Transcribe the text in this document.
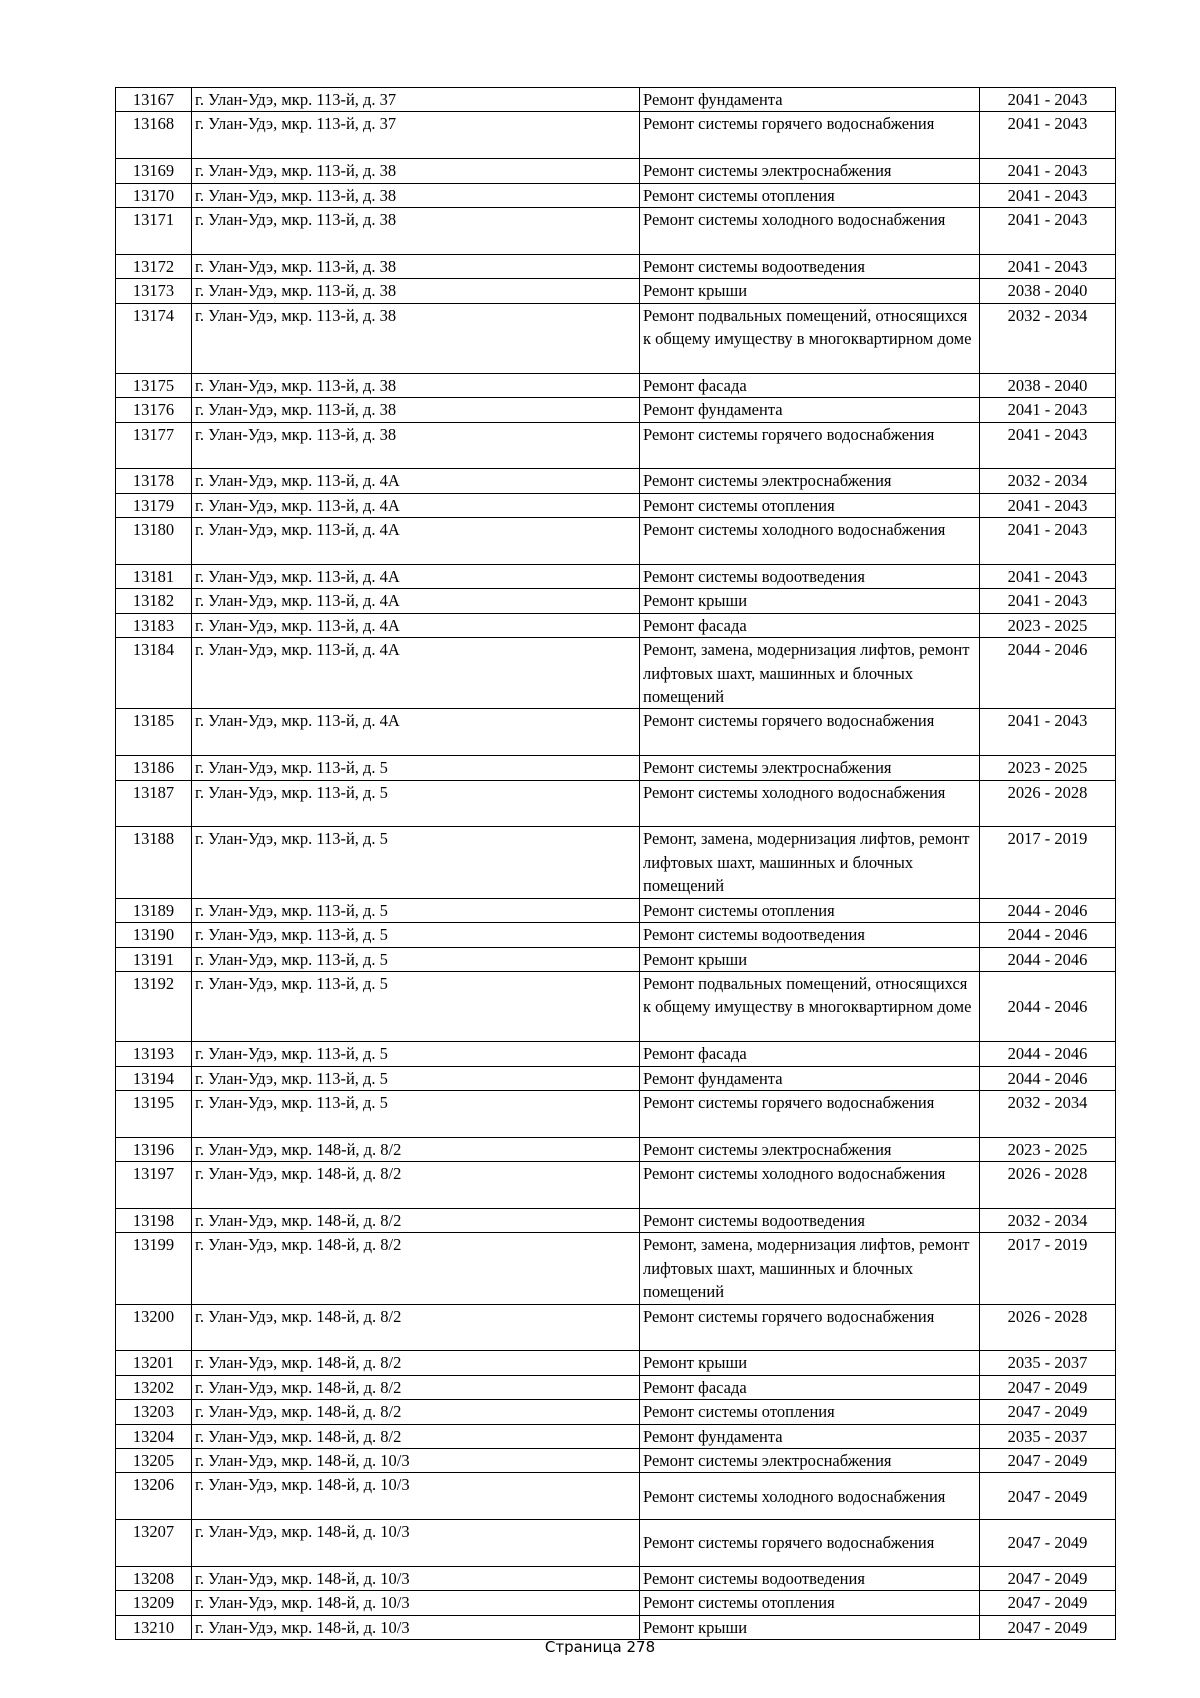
13167	г. Улан-Удэ, мкр. 113-й, д. 37	Ремонт фундамента	2041 - 2043
13168	г. Улан-Удэ, мкр. 113-й, д. 37	Ремонт системы горячего водоснабжения	2041 - 2043
13169	г. Улан-Удэ, мкр. 113-й, д. 38	Ремонт системы электроснабжения	2041 - 2043
13170	г. Улан-Удэ, мкр. 113-й, д. 38	Ремонт системы отопления	2041 - 2043
13171	г. Улан-Удэ, мкр. 113-й, д. 38	Ремонт системы холодного водоснабжения	2041 - 2043
13172	г. Улан-Удэ, мкр. 113-й, д. 38	Ремонт системы водоотведения	2041 - 2043
13173	г. Улан-Удэ, мкр. 113-й, д. 38	Ремонт крыши	2038 - 2040
13174	г. Улан-Удэ, мкр. 113-й, д. 38	Ремонт подвальных помещений, относящихся к общему имуществу в многоквартирном доме	2032 - 2034
13175	г. Улан-Удэ, мкр. 113-й, д. 38	Ремонт фасада	2038 - 2040
13176	г. Улан-Удэ, мкр. 113-й, д. 38	Ремонт фундамента	2041 - 2043
13177	г. Улан-Удэ, мкр. 113-й, д. 38	Ремонт системы горячего водоснабжения	2041 - 2043
13178	г. Улан-Удэ, мкр. 113-й, д. 4А	Ремонт системы электроснабжения	2032 - 2034
13179	г. Улан-Удэ, мкр. 113-й, д. 4А	Ремонт системы отопления	2041 - 2043
13180	г. Улан-Удэ, мкр. 113-й, д. 4А	Ремонт системы холодного водоснабжения	2041 - 2043
13181	г. Улан-Удэ, мкр. 113-й, д. 4А	Ремонт системы водоотведения	2041 - 2043
13182	г. Улан-Удэ, мкр. 113-й, д. 4А	Ремонт крыши	2041 - 2043
13183	г. Улан-Удэ, мкр. 113-й, д. 4А	Ремонт фасада	2023 - 2025
13184	г. Улан-Удэ, мкр. 113-й, д. 4А	Ремонт, замена, модернизация лифтов, ремонт лифтовых шахт, машинных и блочных помещений	2044 - 2046
13185	г. Улан-Удэ, мкр. 113-й, д. 4А	Ремонт системы горячего водоснабжения	2041 - 2043
13186	г. Улан-Удэ, мкр. 113-й, д. 5	Ремонт системы электроснабжения	2023 - 2025
13187	г. Улан-Удэ, мкр. 113-й, д. 5	Ремонт системы холодного водоснабжения	2026 - 2028
13188	г. Улан-Удэ, мкр. 113-й, д. 5	Ремонт, замена, модернизация лифтов, ремонт лифтовых шахт, машинных и блочных помещений	2017 - 2019
13189	г. Улан-Удэ, мкр. 113-й, д. 5	Ремонт системы отопления	2044 - 2046
13190	г. Улан-Удэ, мкр. 113-й, д. 5	Ремонт системы водоотведения	2044 - 2046
13191	г. Улан-Удэ, мкр. 113-й, д. 5	Ремонт крыши	2044 - 2046
13192	г. Улан-Удэ, мкр. 113-й, д. 5	Ремонт подвальных помещений, относящихся к общему имуществу в многоквартирном доме	2044 - 2046
13193	г. Улан-Удэ, мкр. 113-й, д. 5	Ремонт фасада	2044 - 2046
13194	г. Улан-Удэ, мкр. 113-й, д. 5	Ремонт фундамента	2044 - 2046
13195	г. Улан-Удэ, мкр. 113-й, д. 5	Ремонт системы горячего водоснабжения	2032 - 2034
13196	г. Улан-Удэ, мкр. 148-й, д. 8/2	Ремонт системы электроснабжения	2023 - 2025
13197	г. Улан-Удэ, мкр. 148-й, д. 8/2	Ремонт системы холодного водоснабжения	2026 - 2028
13198	г. Улан-Удэ, мкр. 148-й, д. 8/2	Ремонт системы водоотведения	2032 - 2034
13199	г. Улан-Удэ, мкр. 148-й, д. 8/2	Ремонт, замена, модернизация лифтов, ремонт лифтовых шахт, машинных и блочных помещений	2017 - 2019
13200	г. Улан-Удэ, мкр. 148-й, д. 8/2	Ремонт системы горячего водоснабжения	2026 - 2028
13201	г. Улан-Удэ, мкр. 148-й, д. 8/2	Ремонт крыши	2035 - 2037
13202	г. Улан-Удэ, мкр. 148-й, д. 8/2	Ремонт фасада	2047 - 2049
13203	г. Улан-Удэ, мкр. 148-й, д. 8/2	Ремонт системы отопления	2047 - 2049
13204	г. Улан-Удэ, мкр. 148-й, д. 8/2	Ремонт фундамента	2035 - 2037
13205	г. Улан-Удэ, мкр. 148-й, д. 10/3	Ремонт системы электроснабжения	2047 - 2049
13206	г. Улан-Удэ, мкр. 148-й, д. 10/3	Ремонт системы холодного водоснабжения	2047 - 2049
13207	г. Улан-Удэ, мкр. 148-й, д. 10/3	Ремонт системы горячего водоснабжения	2047 - 2049
13208	г. Улан-Удэ, мкр. 148-й, д. 10/3	Ремонт системы водоотведения	2047 - 2049
13209	г. Улан-Удэ, мкр. 148-й, д. 10/3	Ремонт системы отопления	2047 - 2049
13210	г. Улан-Удэ, мкр. 148-й, д. 10/3	Ремонт крыши	2047 - 2049
Страница 278
